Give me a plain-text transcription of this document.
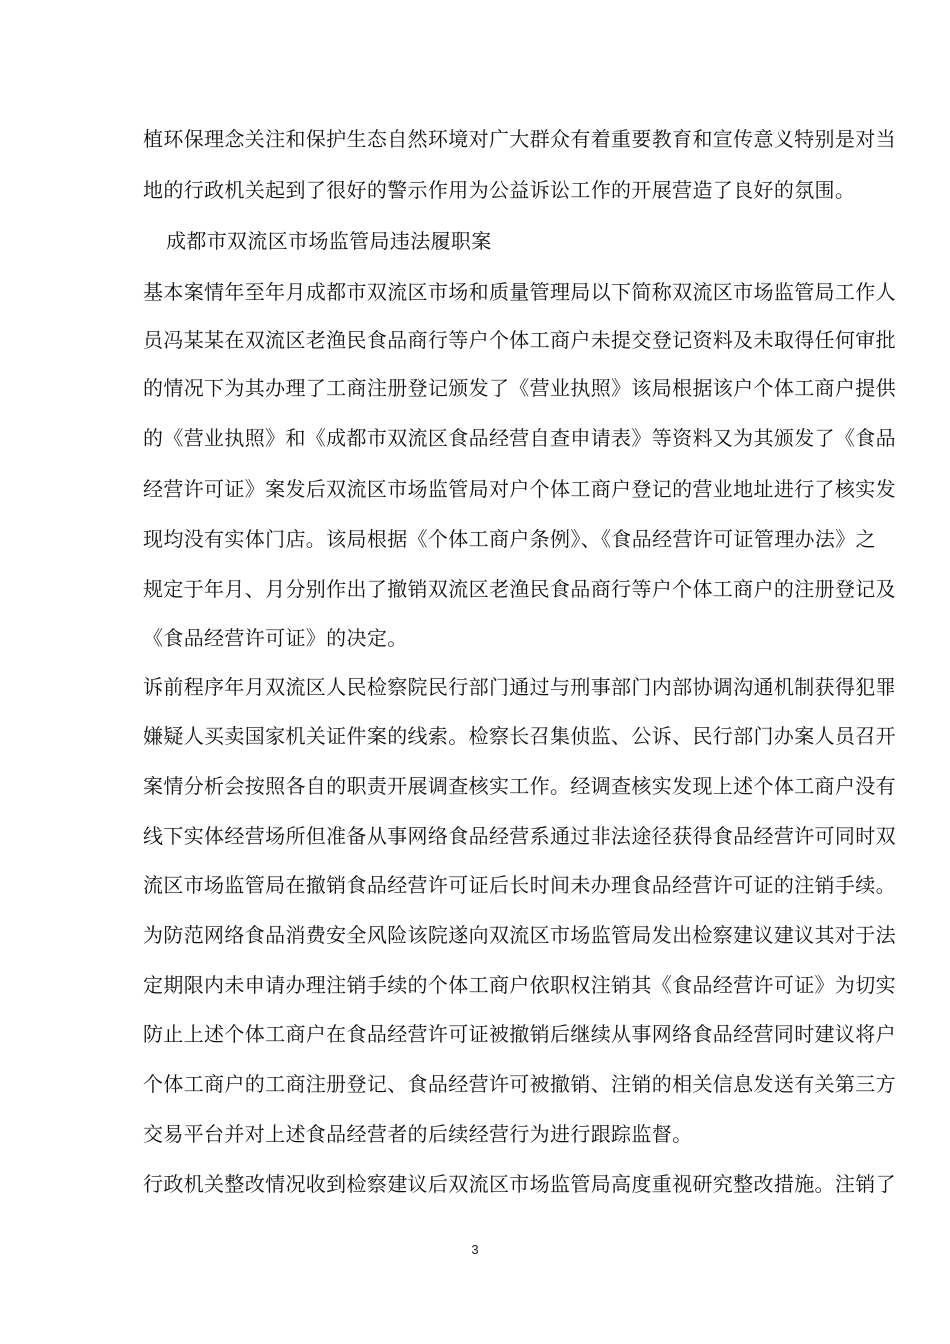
植环保理念关注和保护生态自然环境对广大群众有着重要教育和宣传意义特别是对当
地的行政机关起到了很好的警示作用为公益诉讼工作的开展营造了良好的氛围。
成都市双流区市场监管局违法履职案
基本案情年至年月成都市双流区市场和质量管理局以下简称双流区市场监管局工作人
员冯某某在双流区老渔民食品商行等户个体工商户未提交登记资料及未取得任何审批
的情况下为其办理了工商注册登记颁发了《营业执照》该局根据该户个体工商户提供
的《营业执照》和《成都市双流区食品经营自查申请表》等资料又为其颁发了《食品
经营许可证》案发后双流区市场监管局对户个体工商户登记的营业地址进行了核实发
现均没有实体门店。该局根据《个体工商户条例》、《食品经营许可证管理办法》之
规定于年月、月分别作出了撤销双流区老渔民食品商行等户个体工商户的注册登记及
《食品经营许可证》的决定。
诉前程序年月双流区人民检察院民行部门通过与刑事部门内部协调沟通机制获得犯罪
嫌疑人买卖国家机关证件案的线索。检察长召集侦监、公诉、民行部门办案人员召开
案情分析会按照各自的职责开展调查核实工作。经调查核实发现上述个体工商户没有
线下实体经营场所但准备从事网络食品经营系通过非法途径获得食品经营许可同时双
流区市场监管局在撤销食品经营许可证后长时间未办理食品经营许可证的注销手续。
为防范网络食品消费安全风险该院遂向双流区市场监管局发出检察建议建议其对于法
定期限内未申请办理注销手续的个体工商户依职权注销其《食品经营许可证》为切实
防止上述个体工商户在食品经营许可证被撤销后继续从事网络食品经营同时建议将户
个体工商户的工商注册登记、食品经营许可被撤销、注销的相关信息发送有关第三方
交易平台并对上述食品经营者的后续经营行为进行跟踪监督。
行政机关整改情况收到检察建议后双流区市场监管局高度重视研究整改措施。注销了
3
